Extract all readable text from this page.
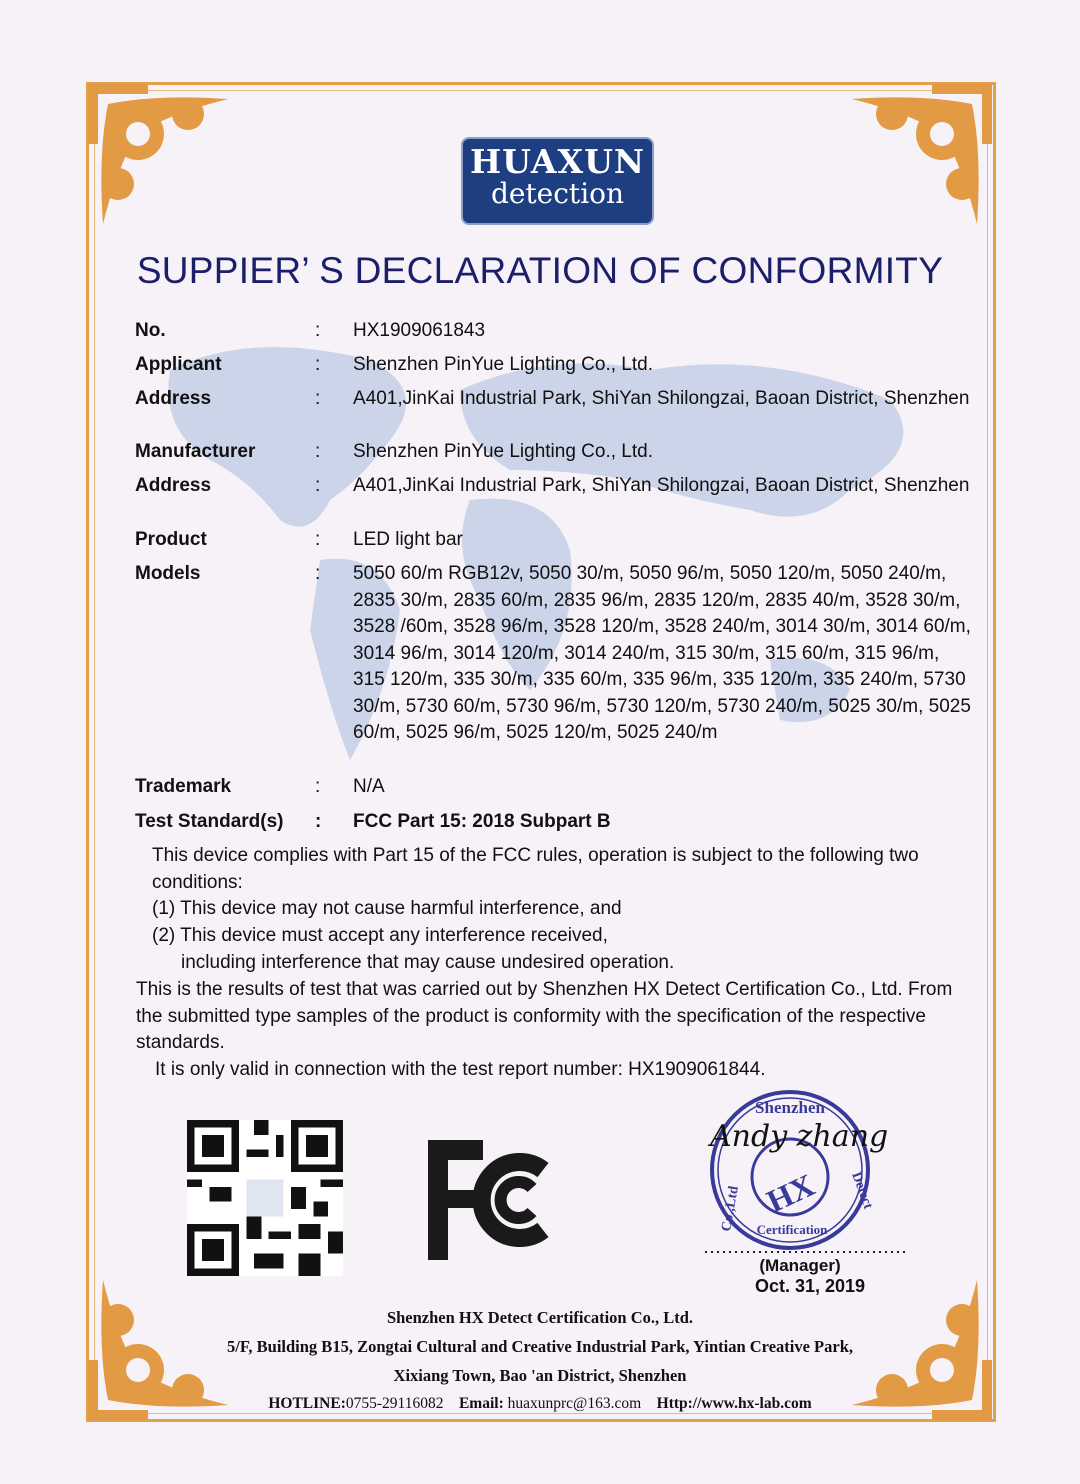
HUAXUN
detection
SUPPIER’ S DECLARATION OF CONFORMITY
No.	: HX1909061843
Applicant	: Shenzhen PinYue Lighting Co., Ltd.
Address	: A401,JinKai Industrial Park, ShiYan Shilongzai, Baoan District, Shenzhen
Manufacturer	: Shenzhen PinYue Lighting Co., Ltd.
Address	: A401,JinKai Industrial Park, ShiYan Shilongzai, Baoan District, Shenzhen
Product	: LED light bar
Models	: 5050 60/m RGB12v, 5050 30/m, 5050 96/m, 5050 120/m, 5050 240/m, 2835 30/m, 2835 60/m, 2835 96/m, 2835 120/m, 2835 40/m, 3528 30/m, 3528 /60m, 3528 96/m, 3528 120/m, 3528 240/m, 3014 30/m, 3014 60/m, 3014 96/m, 3014 120/m, 3014 240/m, 315 30/m, 315 60/m, 315 96/m, 315 120/m, 335 30/m, 335 60/m, 335 96/m, 335 120/m, 335 240/m, 5730 30/m, 5730 60/m, 5730 96/m, 5730 120/m, 5730 240/m, 5025 30/m, 5025 60/m, 5025 96/m, 5025 120/m, 5025 240/m
Trademark	: N/A
Test Standard(s) : FCC Part 15: 2018 Subpart B
This device complies with Part 15 of the FCC rules, operation is subject to the following two conditions:
(1) This device may not cause harmful interference, and
(2) This device must accept any interference received,
including interference that may cause undesired operation.
This is the results of test that was carried out by Shenzhen HX Detect Certification Co., Ltd. From the submitted type samples of the product is conformity with the specification of the respective standards.
It is only valid in connection with the test report number: HX1909061844.
Shenzhen
HX Detect
Co.,Ltd Certification
Andy zhang
(Manager)
Oct. 31, 2019
Shenzhen HX Detect Certification Co., Ltd.
5/F, Building B15, Zongtai Cultural and Creative Industrial Park, Yintian Creative Park,
Xixiang Town, Bao 'an District, Shenzhen
HOTLINE:0755-29116082 Email: huaxunprc@163.com Http://www.hx-lab.com
